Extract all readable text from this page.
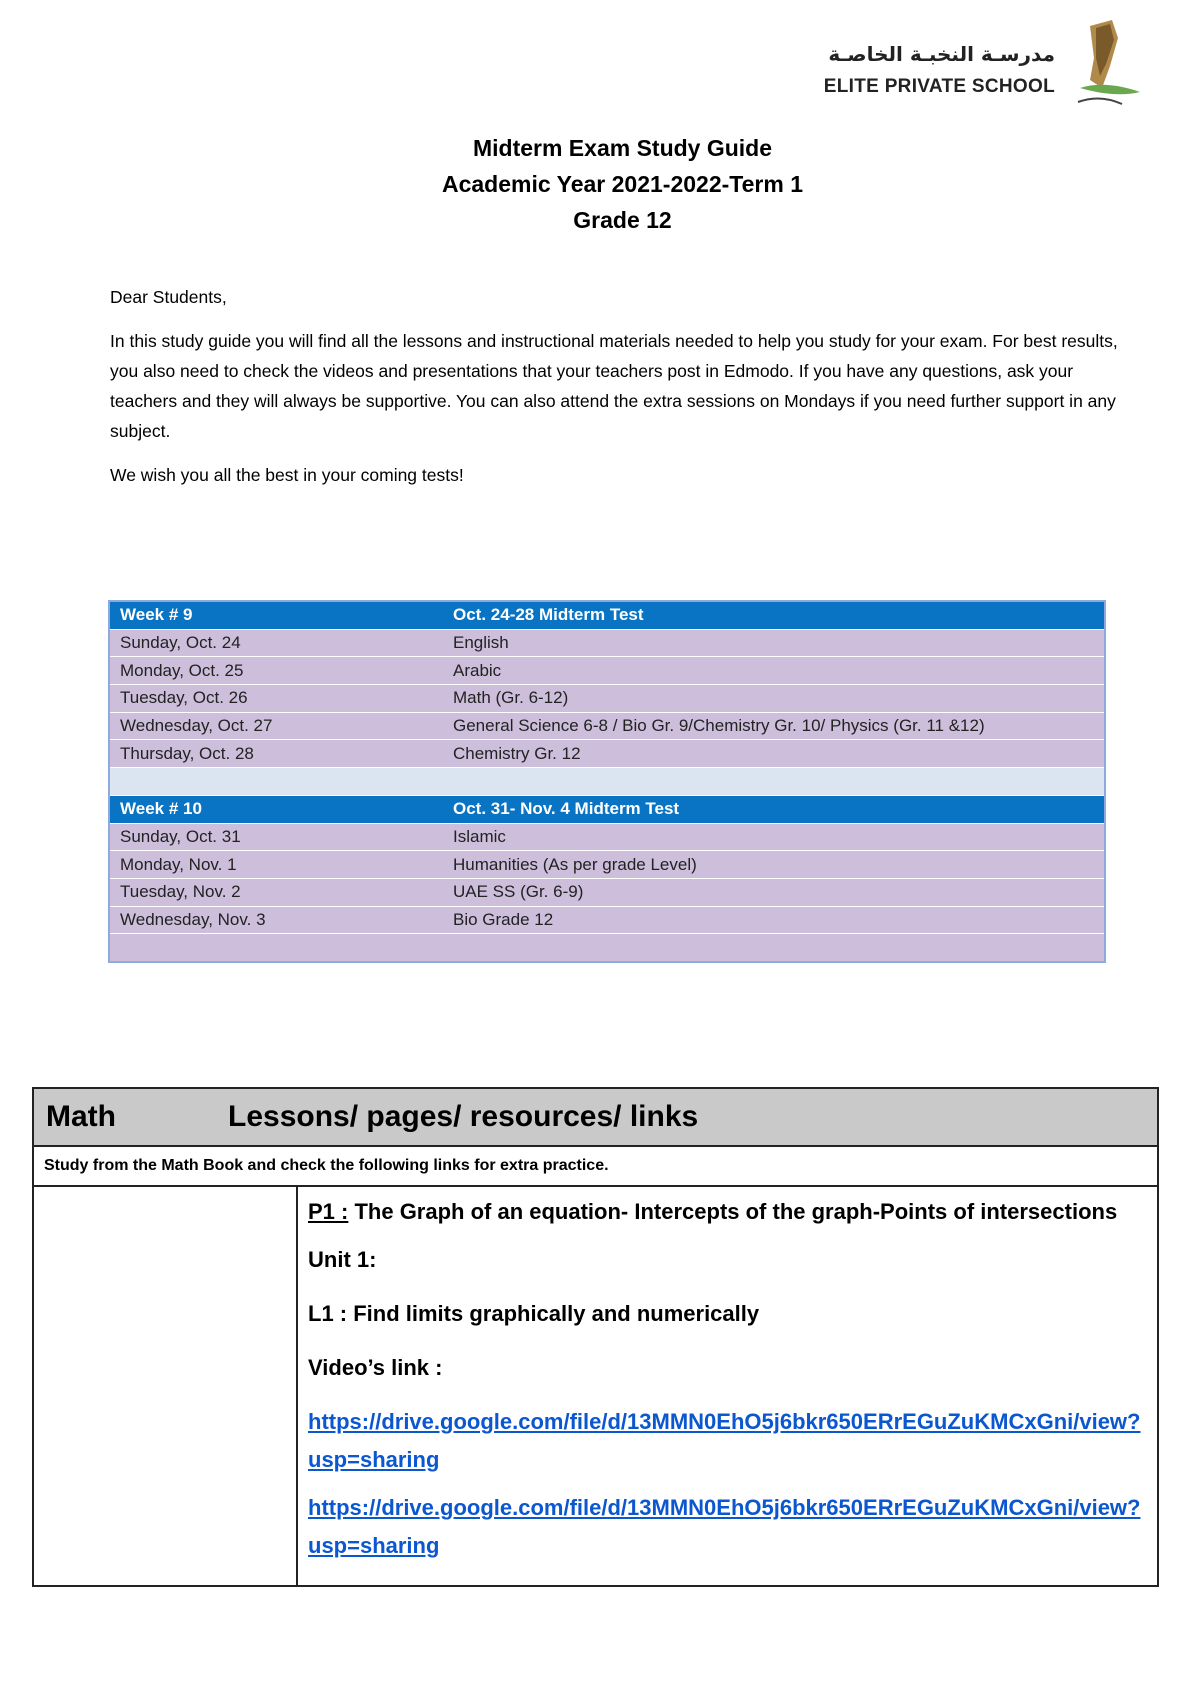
مدرسـة النخبـة الخاصـة
ELITE PRIVATE SCHOOL
Midterm Exam Study Guide
Academic Year 2021-2022-Term 1
Grade 12

Dear Students,

In this study guide you will find all the lessons and instructional materials needed to help you study for your exam. For best results, you also need to check the videos and presentations that your teachers post in Edmodo. If you have any questions, ask your teachers and they will always be supportive. You can also attend the extra sessions on Mondays if you need further support in any subject.

We wish you all the best in your coming tests!

Week # 9	Oct. 24-28 Midterm Test
Sunday, Oct. 24	English
Monday, Oct. 25	Arabic
Tuesday, Oct. 26	Math (Gr. 6-12)
Wednesday, Oct. 27	General Science 6-8 / Bio Gr. 9/Chemistry Gr. 10/ Physics (Gr. 11 &12)
Thursday, Oct. 28	Chemistry Gr. 12

Week # 10	Oct. 31- Nov. 4 Midterm Test
Sunday, Oct. 31	Islamic
Monday, Nov. 1	Humanities (As per grade Level)
Tuesday, Nov. 2	UAE SS (Gr. 6-9)
Wednesday, Nov. 3	Bio Grade 12

Math	Lessons/ pages/ resources/ links
Study from the Math Book and check the following links for extra practice.

P1 : The Graph of an equation- Intercepts of the graph-Points of intersections

Unit 1:

L1 : Find limits graphically and numerically

Video’s link :

https://drive.google.com/file/d/13MMN0EhO5j6bkr650ERrEGuZuKMCxGni/view?usp=sharing

https://drive.google.com/file/d/13MMN0EhO5j6bkr650ERrEGuZuKMCxGni/view?usp=sharing
